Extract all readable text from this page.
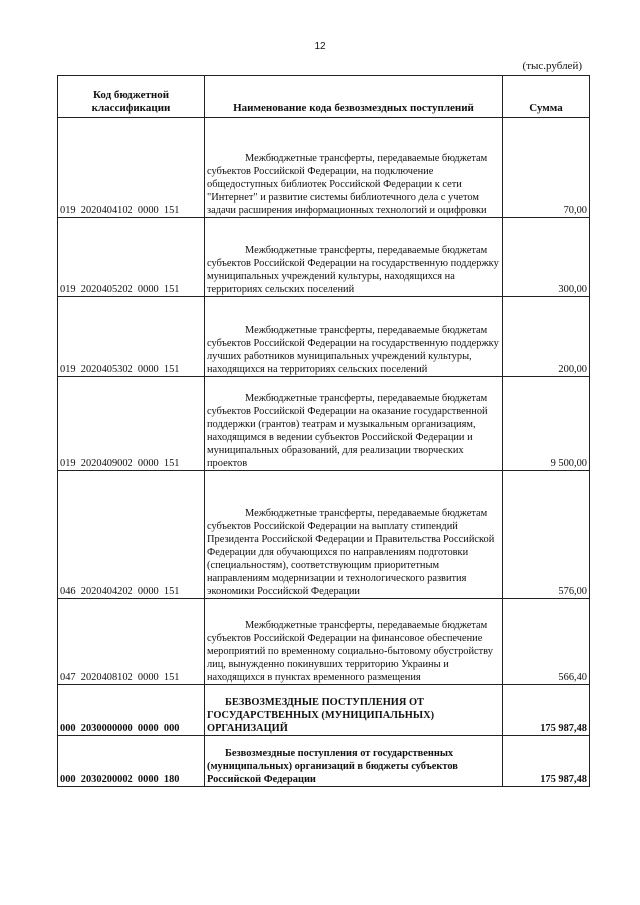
12
(тыс.рублей)
Код бюджетной классификации	Наименование кода безвозмездных поступлений	Сумма
019  2020404102  0000  151	Межбюджетные трансферты, передаваемые бюджетам субъектов Российской Федерации, на подключение общедоступных библиотек Российской Федерации к сети "Интернет" и развитие системы библиотечного дела с учетом задачи расширения информационных технологий и оцифровки	70,00
019  2020405202  0000  151	Межбюджетные трансферты, передаваемые бюджетам субъектов Российской Федерации на государственную поддержку муниципальных учреждений культуры, находящихся на территориях сельских поселений	300,00
019  2020405302  0000  151	Межбюджетные трансферты, передаваемые бюджетам субъектов Российской Федерации на государственную поддержку лучших работников муниципальных учреждений культуры, находящихся на территориях сельских поселений	200,00
019  2020409002  0000  151	Межбюджетные трансферты, передаваемые бюджетам субъектов Российской Федерации на оказание государственной поддержки (грантов) театрам и музыкальным организациям, находящимся в ведении субъектов Российской Федерации и муниципальных образований, для реализации творческих проектов	9 500,00
046  2020404202  0000  151	Межбюджетные трансферты, передаваемые бюджетам субъектов Российской Федерации на выплату стипендий Президента Российской Федерации и Правительства Российской Федерации для обучающихся по направлениям подготовки (специальностям), соответствующим приоритетным направлениям модернизации и технологического развития экономики Российской Федерации	576,00
047  2020408102  0000  151	Межбюджетные трансферты, передаваемые бюджетам субъектов Российской Федерации на финансовое обеспечение мероприятий по временному социально-бытовому обустройству лиц, вынужденно покинувших территорию Украины и находящихся в пунктах временного размещения	566,40
000  2030000000  0000  000	БЕЗВОЗМЕЗДНЫЕ ПОСТУПЛЕНИЯ ОТ ГОСУДАРСТВЕННЫХ (МУНИЦИПАЛЬНЫХ) ОРГАНИЗАЦИЙ	175 987,48
000  2030200002  0000  180	Безвозмездные поступления от государственных (муниципальных) организаций в бюджеты субъектов Российской Федерации	175 987,48
